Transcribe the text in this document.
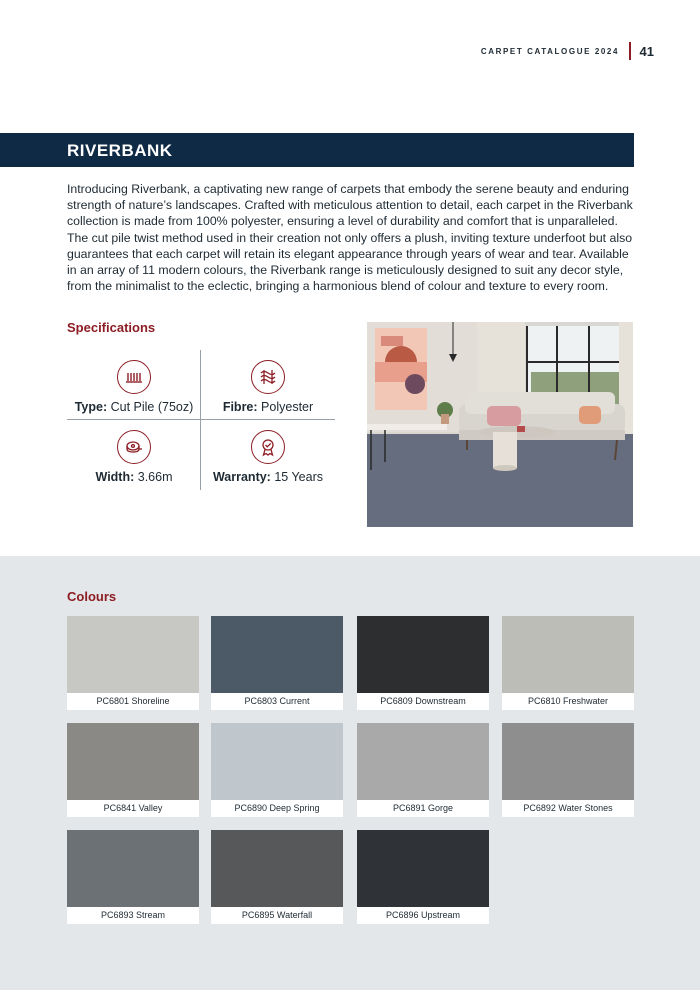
CARPET CATALOGUE 2024 41
RIVERBANK

Introducing Riverbank, a captivating new range of carpets that embody the serene beauty and enduring strength of nature’s landscapes. Crafted with meticulous attention to detail, each carpet in the Riverbank collection is made from 100% polyester, ensuring a level of durability and comfort that is unparalleled. The cut pile twist method used in their creation not only offers a plush, inviting texture underfoot but also guarantees that each carpet will retain its elegant appearance through years of wear and tear. Available in an array of 11 modern colours, the Riverbank range is meticulously designed to suit any decor style, from the minimalist to the eclectic, bringing a harmonious blend of colour and texture to every room.

Specifications
Type: Cut Pile (75oz)	Fibre: Polyester
Width: 3.66m	Warranty: 15 Years
Colours
PC6801 Shoreline	PC6803 Current	PC6809 Downstream	PC6810 Freshwater
PC6841 Valley	PC6890 Deep Spring	PC6891 Gorge	PC6892 Water Stones
PC6893 Stream	PC6895 Waterfall	PC6896 Upstream
